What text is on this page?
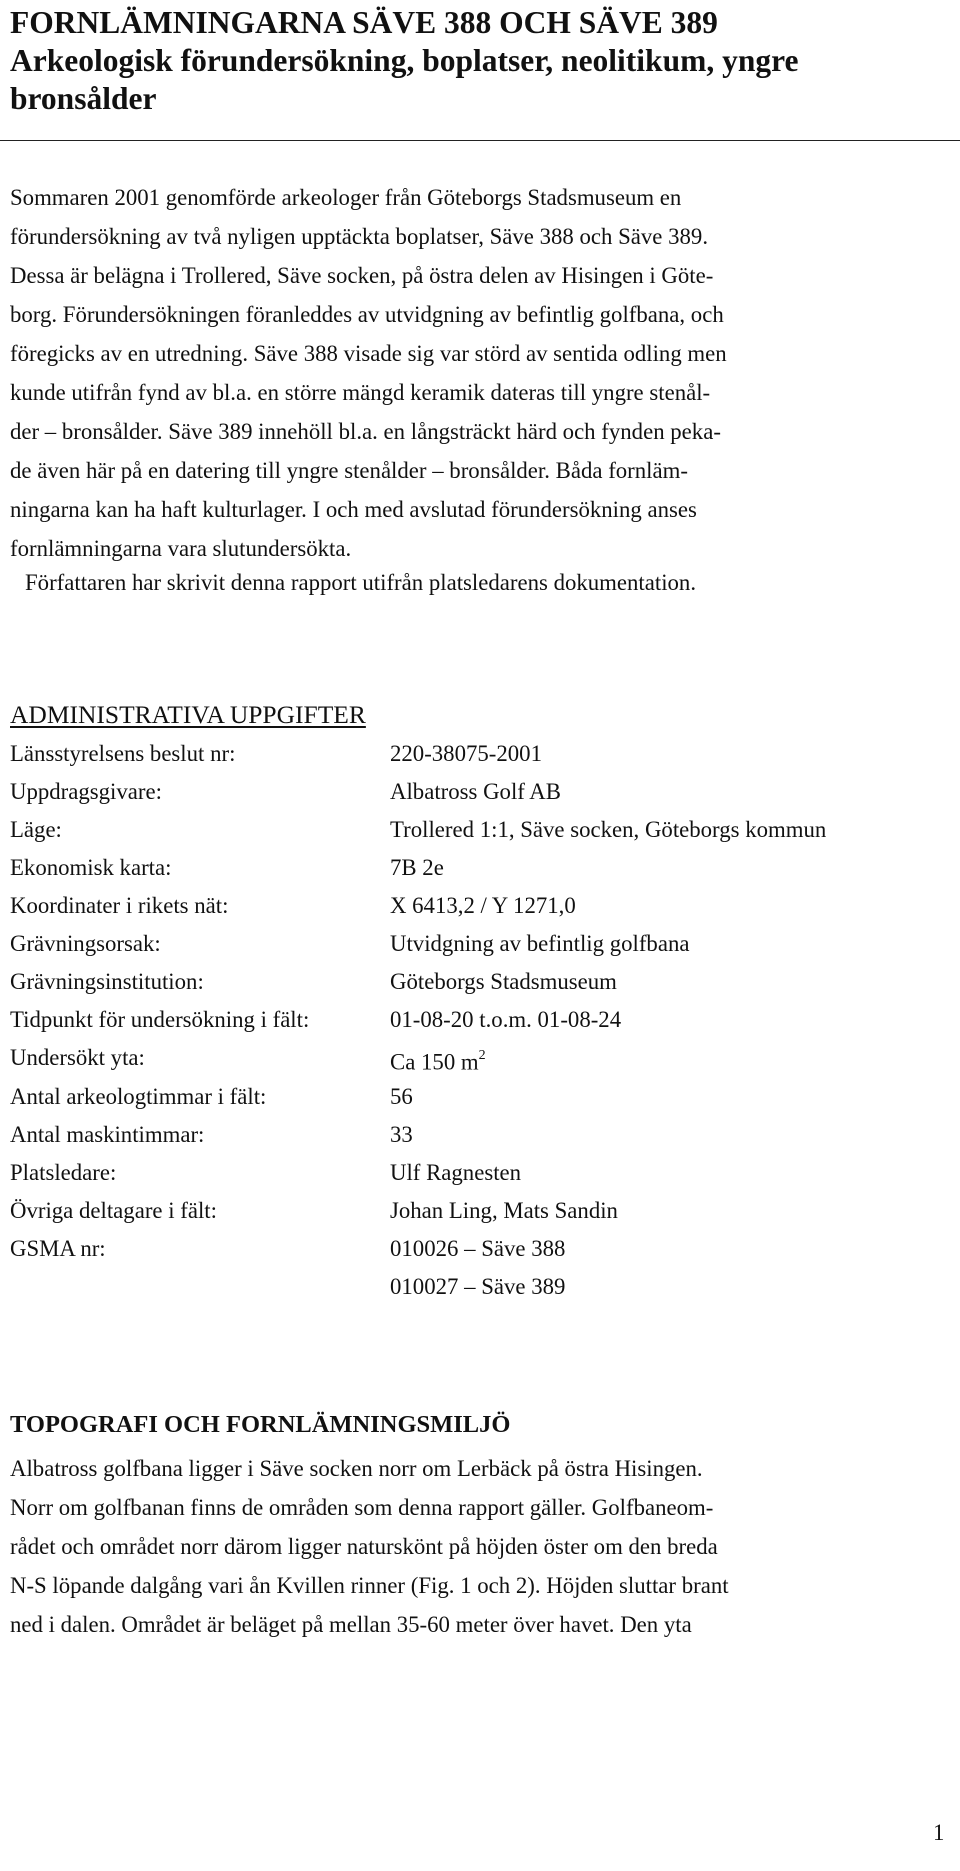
FORNLÄMNINGARNA SÄVE 388 OCH SÄVE 389
Arkeologisk förundersökning, boplatser, neolitikum, yngre
bronsålder

Sommaren 2001 genomförde arkeologer från Göteborgs Stadsmuseum en
förundersökning av två nyligen upptäckta boplatser, Säve 388 och Säve 389.
Dessa är belägna i Trollered, Säve socken, på östra delen av Hisingen i Göte-
borg. Förundersökningen föranleddes av utvidgning av befintlig golfbana, och
föregicks av en utredning. Säve 388 visade sig var störd av sentida odling men
kunde utifrån fynd av bl.a. en större mängd keramik dateras till yngre stenål-
der – bronsålder. Säve 389 innehöll bl.a. en långsträckt härd och fynden peka-
de även här på en datering till yngre stenålder – bronsålder. Båda fornläm-
ningarna kan ha haft kulturlager. I och med avslutad förundersökning anses
fornlämningarna vara slutundersökta.

Författaren har skrivit denna rapport utifrån platsledarens dokumentation.

ADMINISTRATIVA UPPGIFTER
Länsstyrelsens beslut nr:	220-38075-2001
Uppdragsgivare:	Albatross Golf AB
Läge:	Trollered 1:1, Säve socken, Göteborgs kommun
Ekonomisk karta:	7B 2e
Koordinater i rikets nät:	X 6413,2 / Y 1271,0
Grävningsorsak:	Utvidgning av befintlig golfbana
Grävningsinstitution:	Göteborgs Stadsmuseum
Tidpunkt för undersökning i fält:	01-08-20 t.o.m. 01-08-24
Undersökt yta:	Ca 150 $m^2$
Antal arkeologtimmar i fält:	56
Antal maskintimmar:	33
Platsledare:	Ulf Ragnesten
Övriga deltagare i fält:	Johan Ling, Mats Sandin
GSMA nr:	010026 – Säve 388
010027 – Säve 389
TOPOGRAFI OCH FORNLÄMNINGSMILJÖ

Albatross golfbana ligger i Säve socken norr om Lerbäck på östra Hisingen.
Norr om golfbanan finns de områden som denna rapport gäller. Golfbaneom-
rådet och området norr därom ligger naturskönt på höjden öster om den breda
N-S löpande dalgång vari ån Kvillen rinner (Fig. 1 och 2). Höjden sluttar brant
ned i dalen. Området är beläget på mellan 35-60 meter över havet. Den yta

1
